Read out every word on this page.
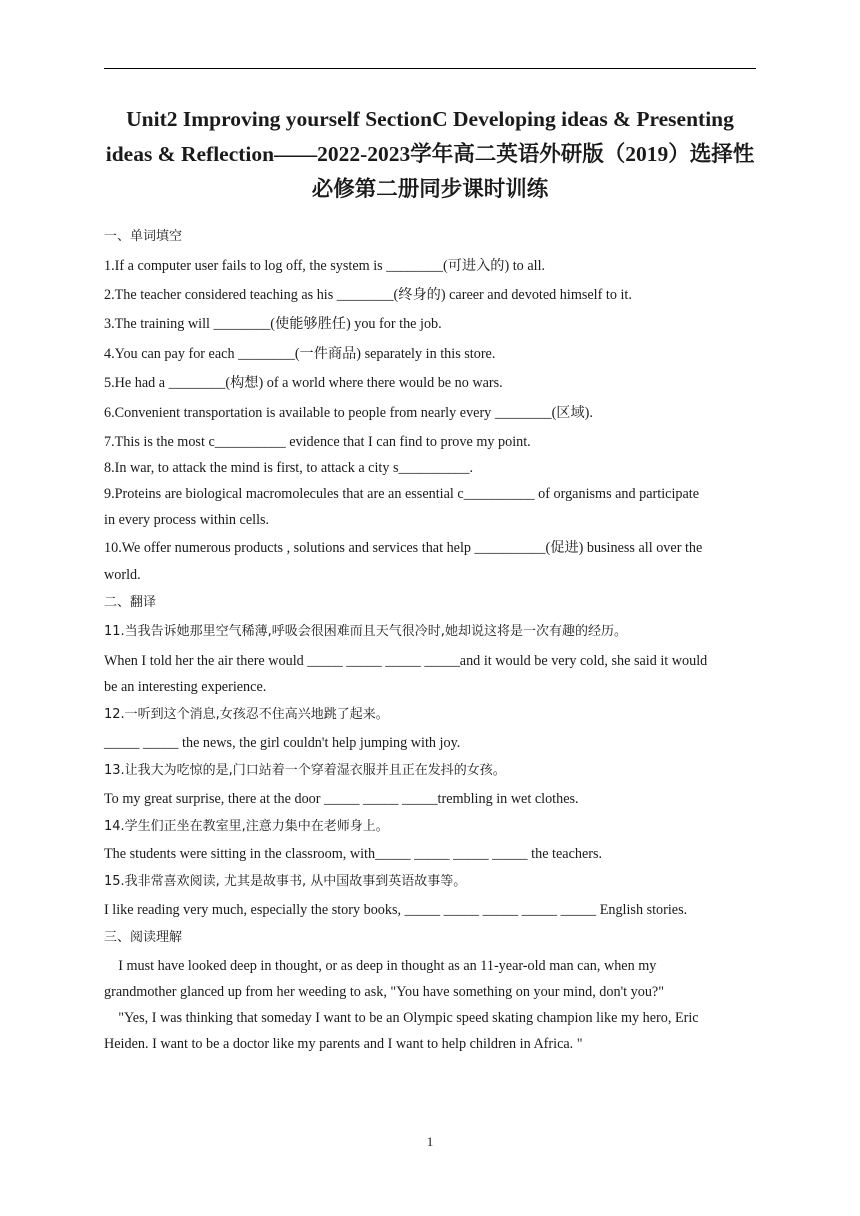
Unit2 Improving yourself SectionC Developing ideas & Presenting ideas & Reflection——2022-2023学年高二英语外研版（2019）选择性必修第二册同步课时训练
一、单词填空
1.If a computer user fails to log off, the system is ________(可进入的) to all.
2.The teacher considered teaching as his ________(终身的) career and devoted himself to it.
3.The training will ________(使能够胜任) you for the job.
4.You can pay for each ________(一件商品) separately in this store.
5.He had a ________(构想) of a world where there would be no wars.
6.Convenient transportation is available to people from nearly every ________(区域).
7.This is the most c__________ evidence that I can find to prove my point.
8.In war, to attack the mind is first, to attack a city s__________.
9.Proteins are biological macromolecules that are an essential c__________ of organisms and participate
in every process within cells.
10.We offer numerous products , solutions and services that help __________(促进) business all over the
world.
二、翻译
11.当我告诉她那里空气稀薄,呼吸会很困难而且天气很冷时,她却说这将是一次有趣的经历。
When I told her the air there would _____ _____ _____ _____and it would be very cold, she said it would
be an interesting experience.
12.一听到这个消息,女孩忍不住高兴地跳了起来。
_____ _____ the news, the girl couldn't help jumping with joy.
13.让我大为吃惊的是,门口站着一个穿着湿衣服并且正在发抖的女孩。
To my great surprise, there at the door _____ _____ _____trembling in wet clothes.
14.学生们正坐在教室里,注意力集中在老师身上。
The students were sitting in the classroom, with_____ _____ _____ _____ the teachers.
15.我非常喜欢阅读, 尤其是故事书, 从中国故事到英语故事等。
I like reading very much, especially the story books, _____ _____ _____ _____ _____ English stories.
三、阅读理解
I must have looked deep in thought, or as deep in thought as an 11-year-old man can, when my
grandmother glanced up from her weeding to ask, "You have something on your mind, don't you?"
"Yes, I was thinking that someday I want to be an Olympic speed skating champion like my hero, Eric
Heiden. I want to be a doctor like my parents and I want to help children in Africa. "
1
